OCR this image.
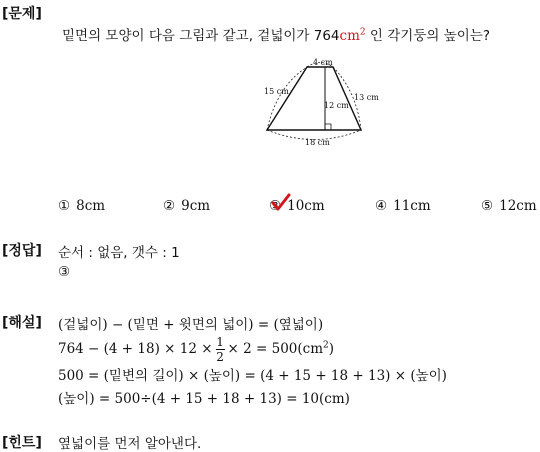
[문제]
밑면의 모양이 다음 그림과 같고, 겉넓이가 $764cm^2$ 인 각기둥의 높이는?
4 cm
15 cm
13 cm
12 cm
18 cm
① 8cm	② 9cm	③ 10cm	④ 11cm	⑤ 12cm
[정답] 순서 : 없음, 갯수 : 1
③
[해설] (겉넓이) − (밑면 + 윗면의 넓이) = (옆넓이)
$764 - (4 + 18) \times 12 \times \frac{1}{2} \times 2 = 500(cm^2)$
500 = (밑변의 길이) × (높이) = (4 + 15 + 18 + 13) × (높이)
(높이) = 500÷(4 + 15 + 18 + 13) = 10(cm)
[힌트] 옆넓이를 먼저 알아낸다.
